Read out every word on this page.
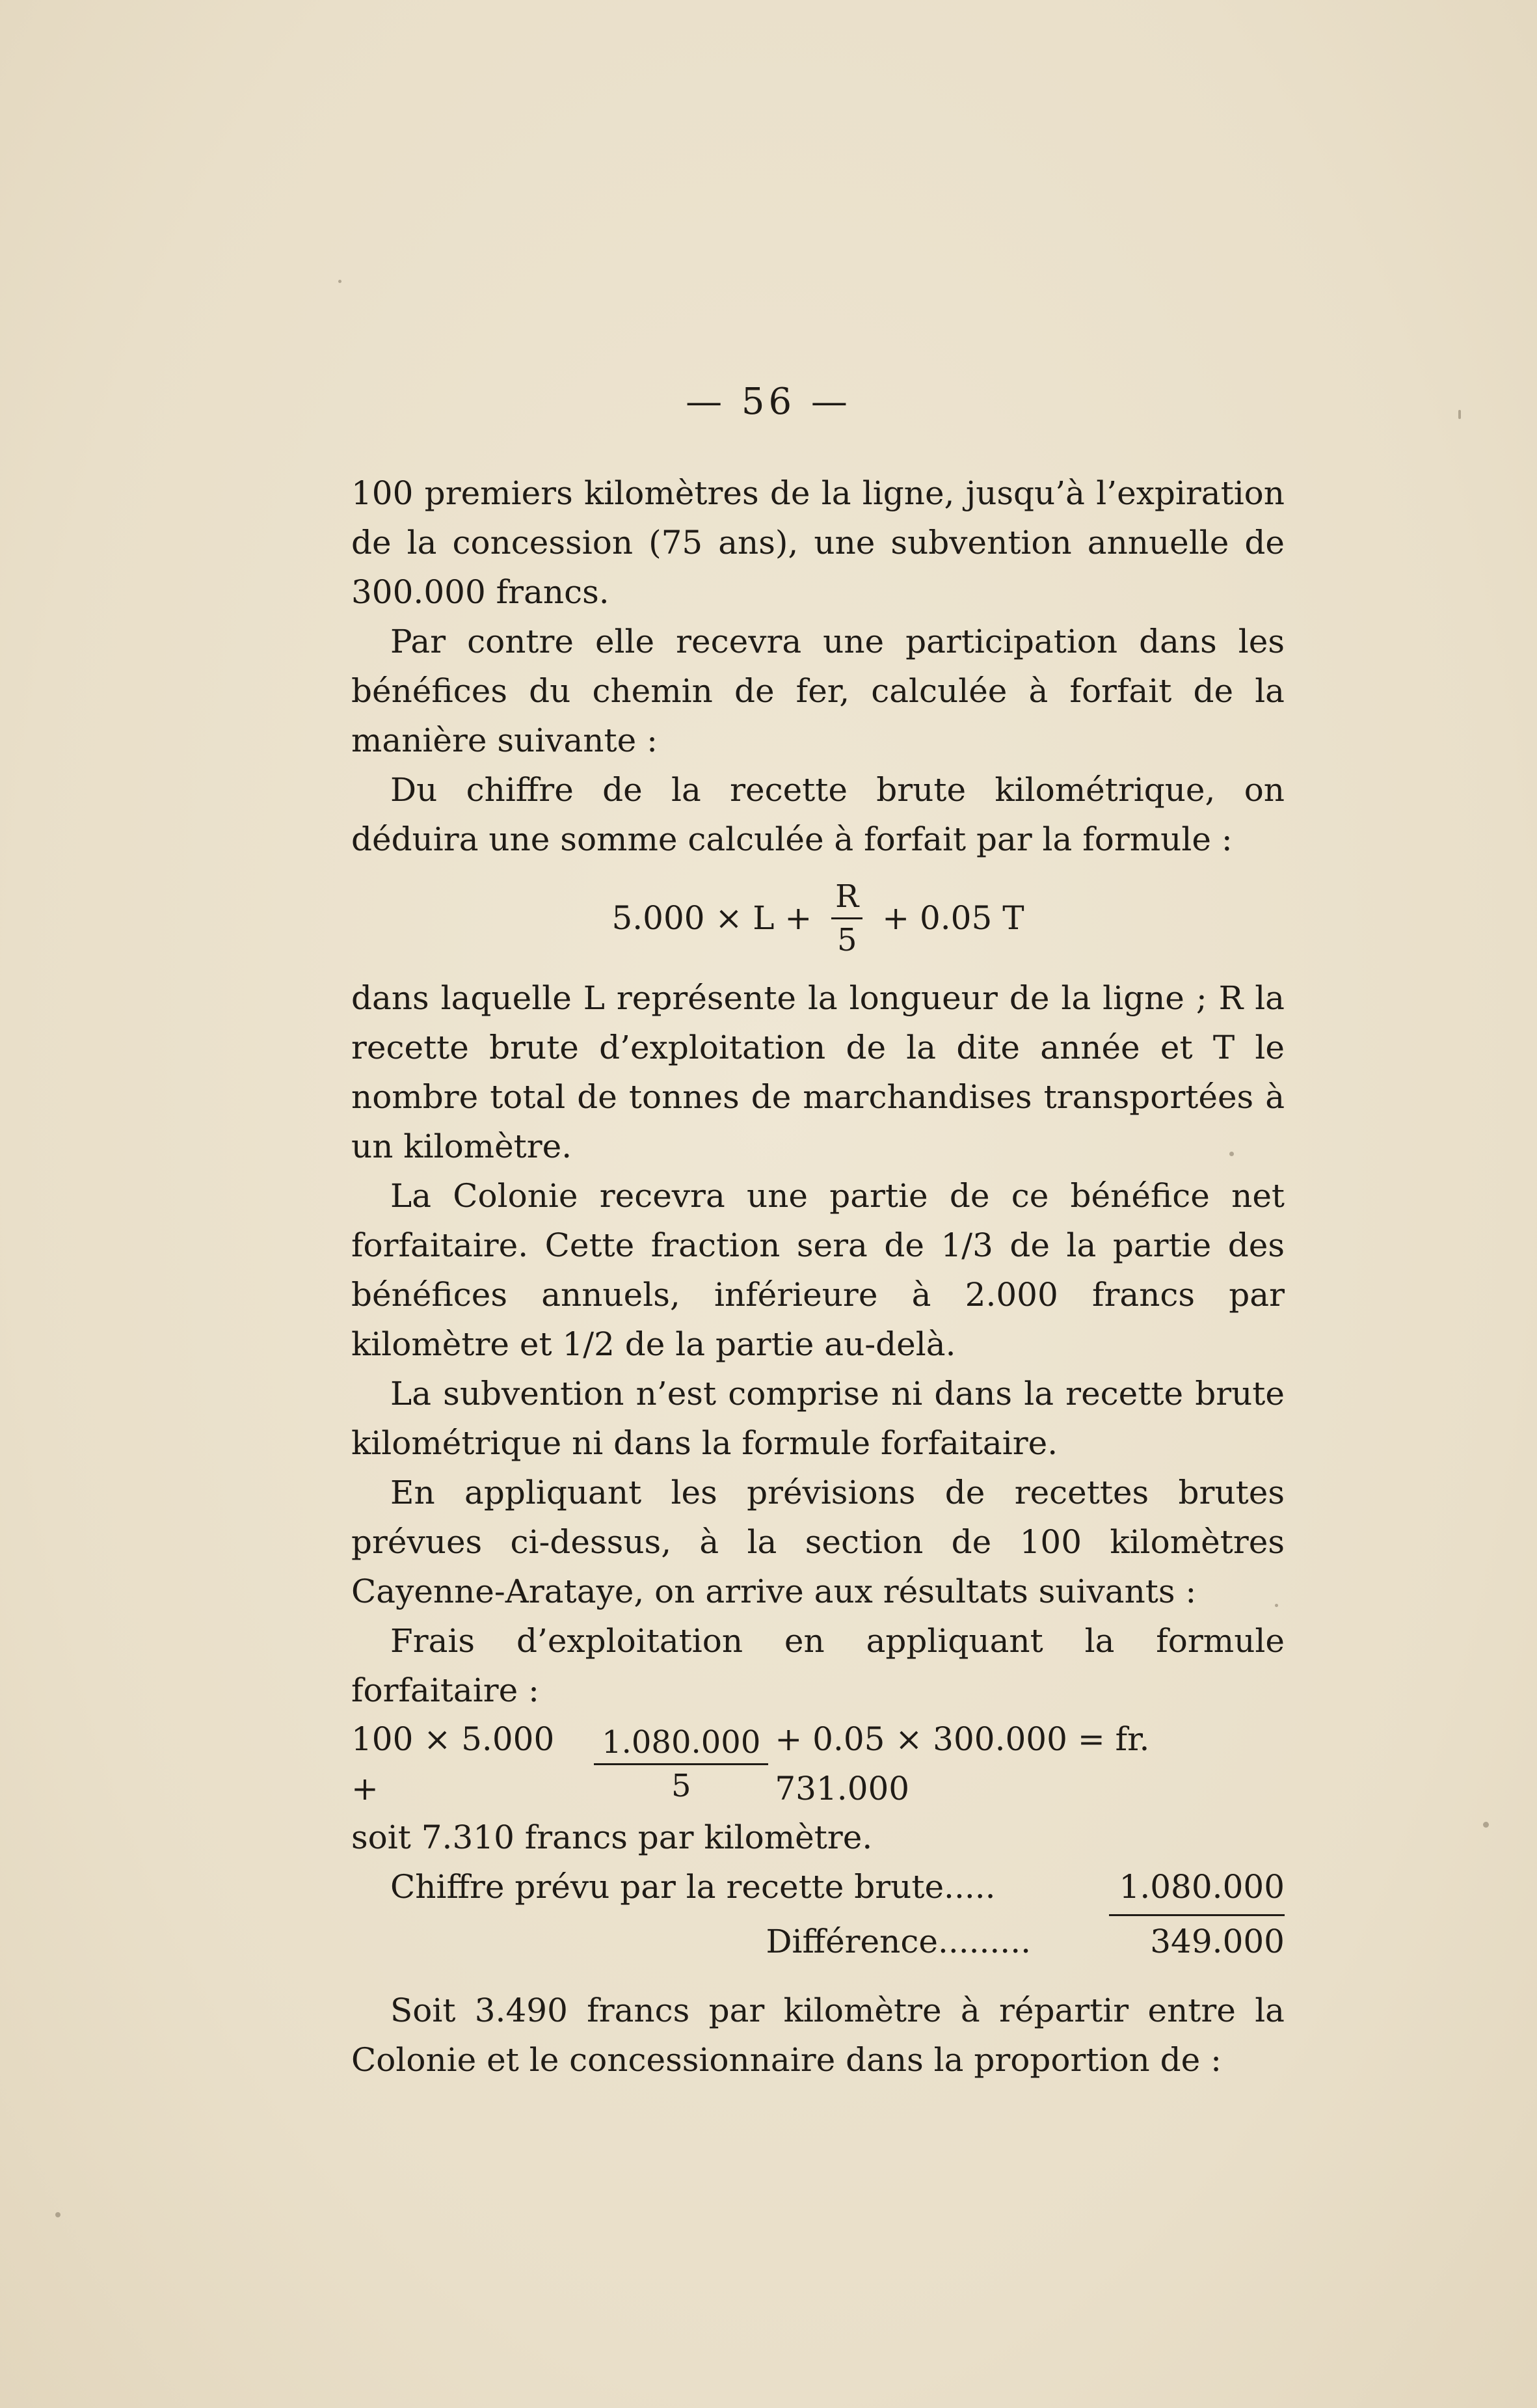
— 56 —

100 premiers kilomètres de la ligne, jusqu’à l’expiration de la concession (75 ans), une subvention annuelle de 300.000 francs.

Par contre elle recevra une participation dans les bénéfices du chemin de fer, calculée à forfait de la manière suivante :

Du chiffre de la recette brute kilométrique, on déduira une somme calculée à forfait par la formule :

$5.000 \times L + \frac{R}{5} + 0.05$ T

dans laquelle L représente la longueur de la ligne ; R la recette brute d’exploitation de la dite année et T le nombre total de tonnes de marchandises transportées à un kilomètre.

La Colonie recevra une partie de ce bénéfice net forfaitaire. Cette fraction sera de 1/3 de la partie des bénéfices annuels, inférieure à 2.000 francs par kilomètre et 1/2 de la partie au-delà.

La subvention n’est comprise ni dans la recette brute kilométrique ni dans la formule forfaitaire.

En appliquant les prévisions de recettes brutes prévues ci-dessus, à la section de 100 kilomètres Cayenne-Arataye, on arrive aux résultats suivants :

Frais d’exploitation en appliquant la formule forfaitaire :

100 × 5.000 +	$\frac{1.080.000}{5} + 0.05 \times 300.000$ = fr. 731.000

soit 7.310 francs par kilomètre.

Chiffre prévu par la recette brute.....	1.080.000
Différence.........	349.000

Soit 3.490 francs par kilomètre à répartir entre la Colonie et le concessionnaire dans la proportion de :
